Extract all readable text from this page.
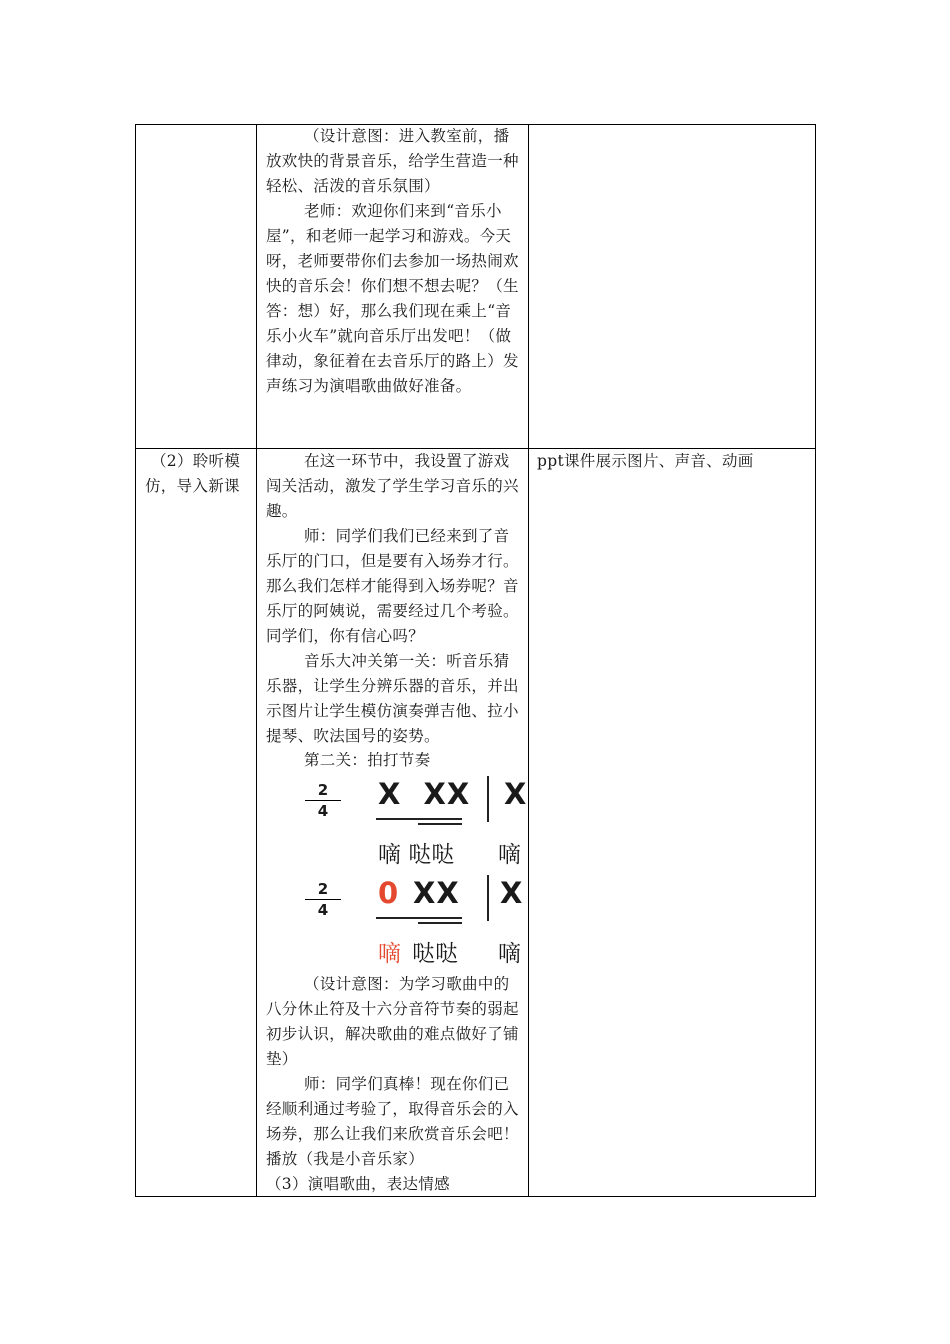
（设计意图：进入教室前，播放欢快的背景音乐，给学生营造一种轻松、活泼的音乐氛围）

老师：欢迎你们来到“音乐小屋”，和老师一起学习和游戏。今天呀，老师要带你们去参加一场热闹欢快的音乐会！你们想不想去呢？（生答：想）好，那么我们现在乘上“音乐小火车”就向音乐厅出发吧！（做律动，象征着在去音乐厅的路上）发声练习为演唱歌曲做好准备。

（2）聆听模仿，导入新课

ppt课件展示图片、声音、动画

在这一环节中，我设置了游戏闯关活动，激发了学生学习音乐的兴趣。

师：同学们我们已经来到了音乐厅的门口，但是要有入场券才行。那么我们怎样才能得到入场券呢？音乐厅的阿姨说，需要经过几个考验。同学们，你有信心吗？

音乐大冲关第一关：听音乐猜乐器，让学生分辨乐器的音乐，并出示图片让学生模仿演奏弹吉他、拉小提琴、吹法国号的姿势。

第二关：拍打节奏

2
4	X  XX X
嘀 哒哒 嘀
2
4	0 XX X
嘀 哒哒 嘀

（设计意图：为学习歌曲中的八分休止符及十六分音符节奏的弱起初步认识，解决歌曲的难点做好了铺垫）

师：同学们真棒！现在你们已经顺利通过考验了，取得音乐会的入场券，那么让我们来欣赏音乐会吧！播放（我是小音乐家）

（3）演唱歌曲，表达情感
